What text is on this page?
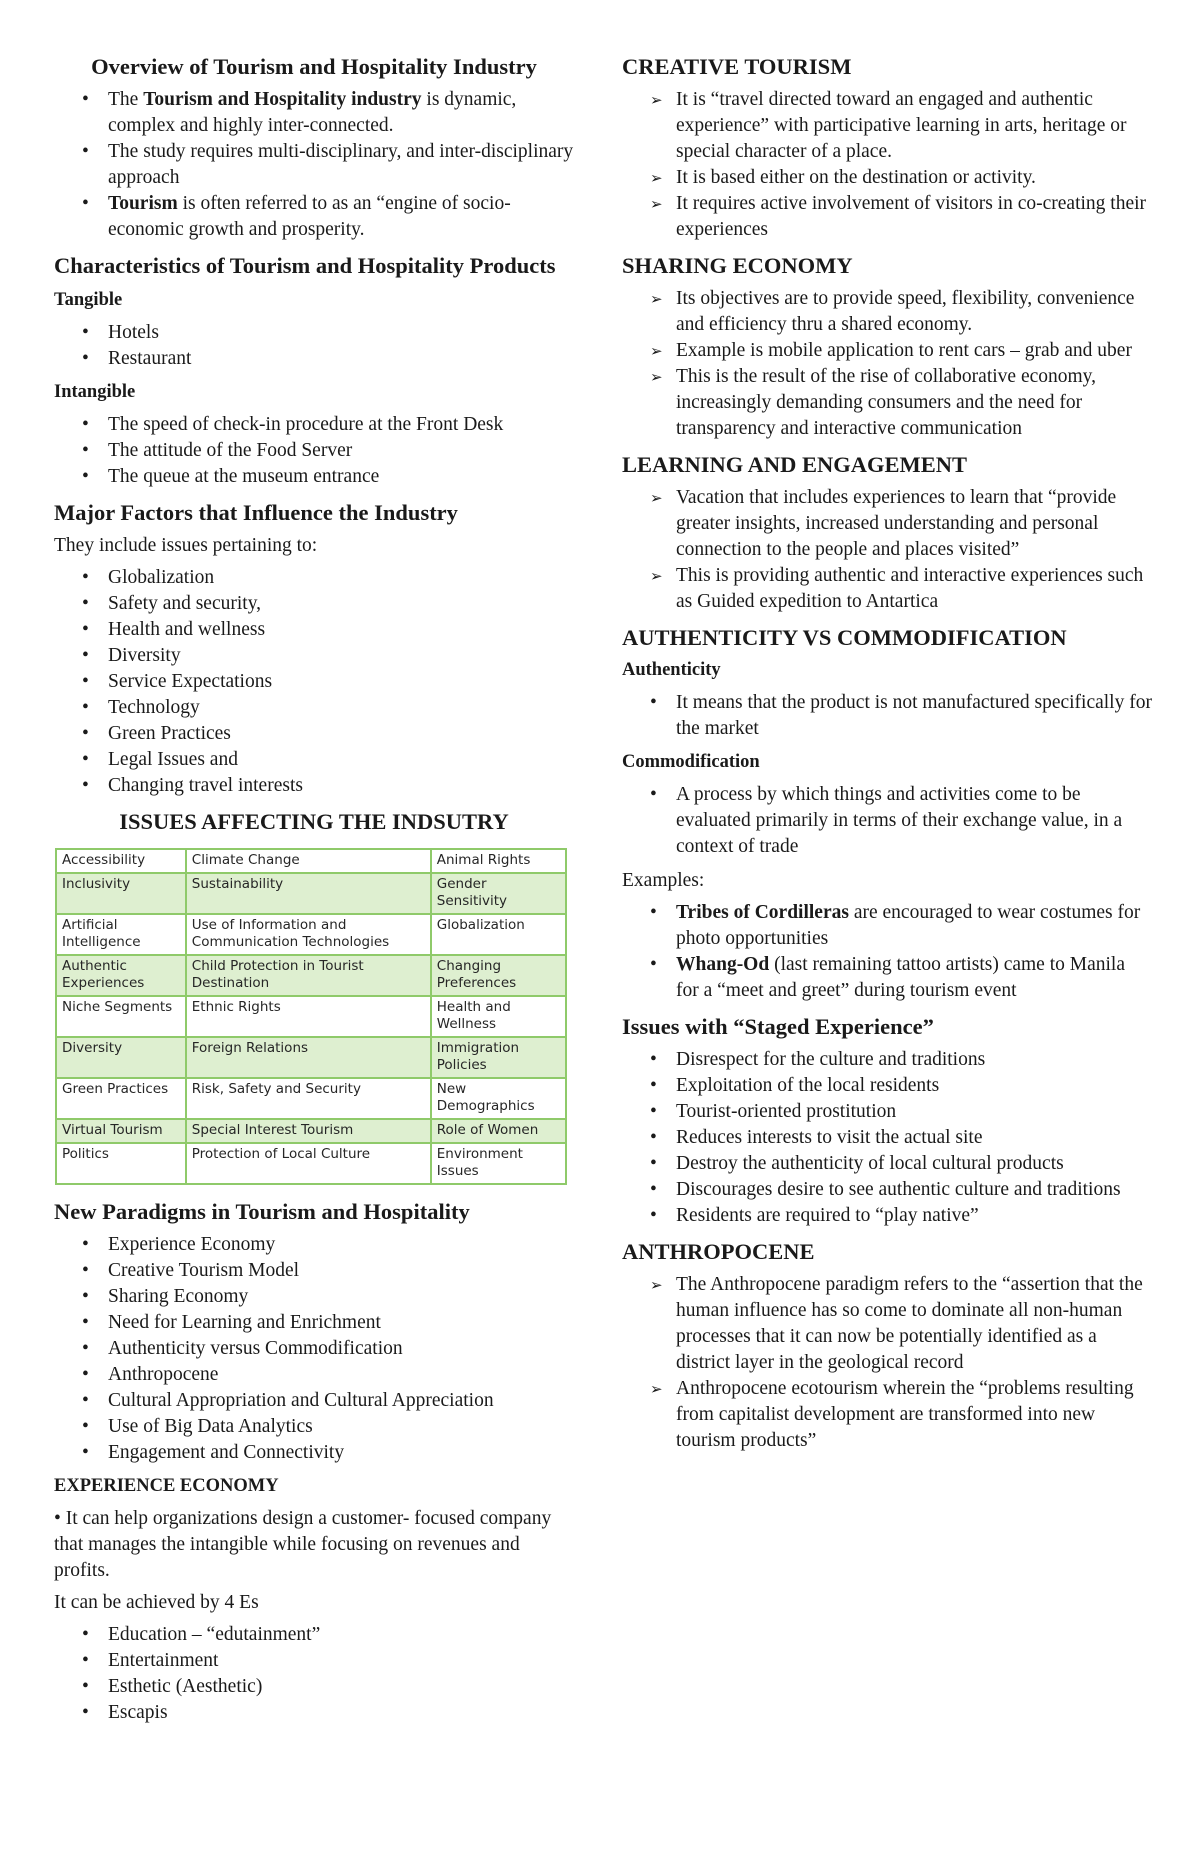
Overview of Tourism and Hospitality Industry
• The Tourism and Hospitality industry is dynamic, complex and highly inter-connected.
• The study requires multi-disciplinary, and inter-disciplinary approach
• Tourism is often referred to as an “engine of socio-economic growth and prosperity.
Characteristics of Tourism and Hospitality Products
Tangible
• Hotels
• Restaurant
Intangible
• The speed of check-in procedure at the Front Desk
• The attitude of the Food Server
• The queue at the museum entrance
Major Factors that Influence the Industry

They include issues pertaining to:

• Globalization
• Safety and security,
• Health and wellness
• Diversity
• Service Expectations
• Technology
• Green Practices
• Legal Issues and
• Changing travel interests
ISSUES AFFECTING THE INDSUTRY
Accessibility	Climate Change	Animal Rights
Inclusivity	Sustainability	Gender Sensitivity
Artificial Intelligence	Use of Information and Communication Technologies	Globalization
Authentic Experiences	Child Protection in Tourist Destination	Changing Preferences
Niche Segments	Ethnic Rights	Health and Wellness
Diversity	Foreign Relations	Immigration Policies
Green Practices	Risk, Safety and Security	New Demographics
Virtual Tourism	Special Interest Tourism	Role of Women
Politics	Protection of Local Culture	Environment Issues
New Paradigms in Tourism and Hospitality
• Experience Economy
• Creative Tourism Model
• Sharing Economy
• Need for Learning and Enrichment
• Authenticity versus Commodification
• Anthropocene
• Cultural Appropriation and Cultural Appreciation
• Use of Big Data Analytics
• Engagement and Connectivity
EXPERIENCE ECONOMY

• It can help organizations design a customer- focused company that manages the intangible while focusing on revenues and profits.

It can be achieved by 4 Es

• Education – “edutainment”
• Entertainment
• Esthetic (Aesthetic)
• Escapis
CREATIVE TOURISM
➢ It is “travel directed toward an engaged and authentic experience” with participative learning in arts, heritage or special character of a place.
➢ It is based either on the destination or activity.
➢ It requires active involvement of visitors in co-creating their experiences
SHARING ECONOMY
➢ Its objectives are to provide speed, flexibility, convenience and efficiency thru a shared economy.
➢ Example is mobile application to rent cars – grab and uber
➢ This is the result of the rise of collaborative economy, increasingly demanding consumers and the need for transparency and interactive communication
LEARNING AND ENGAGEMENT
➢ Vacation that includes experiences to learn that “provide greater insights, increased understanding and personal connection to the people and places visited”
➢ This is providing authentic and interactive experiences such as Guided expedition to Antartica
AUTHENTICITY VS COMMODIFICATION
Authenticity
• It means that the product is not manufactured specifically for the market
Commodification
• A process by which things and activities come to be evaluated primarily in terms of their exchange value, in a context of trade

Examples:

• Tribes of Cordilleras are encouraged to wear costumes for photo opportunities
• Whang-Od (last remaining tattoo artists) came to Manila for a “meet and greet” during tourism event
Issues with “Staged Experience”
• Disrespect for the culture and traditions
• Exploitation of the local residents
• Tourist-oriented prostitution
• Reduces interests to visit the actual site
• Destroy the authenticity of local cultural products
• Discourages desire to see authentic culture and traditions
• Residents are required to “play native”
ANTHROPOCENE
➢ The Anthropocene paradigm refers to the “assertion that the human influence has so come to dominate all non-human processes that it can now be potentially identified as a district layer in the geological record
➢ Anthropocene ecotourism wherein the “problems resulting from capitalist development are transformed into new tourism products”
